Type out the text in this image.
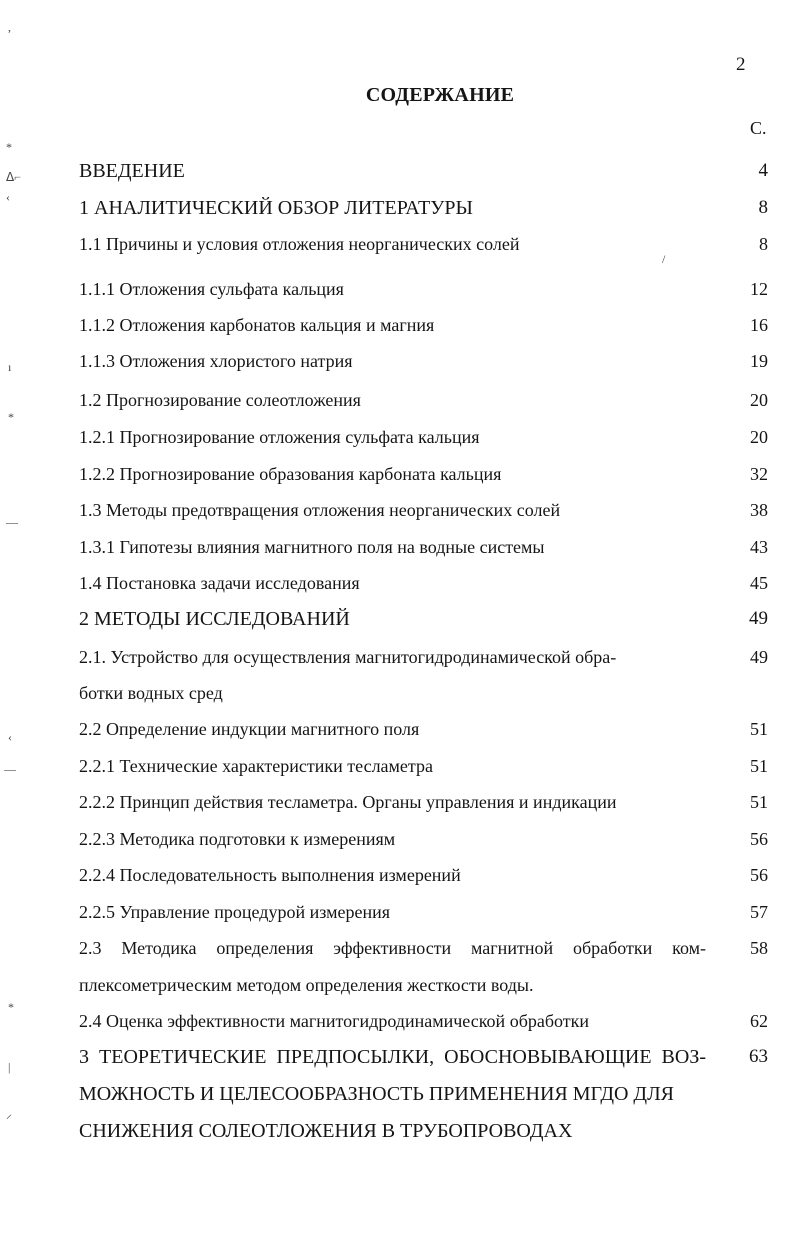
2
СОДЕРЖАНИЕ
С.
ВВЕДЕНИЕ	4
1 АНАЛИТИЧЕСКИЙ ОБЗОР ЛИТЕРАТУРЫ	8
1.1 Причины и условия отложения неорганических солей	8
1.1.1 Отложения сульфата кальция	12
1.1.2 Отложения карбонатов кальция и магния	16
1.1.3 Отложения хлористого натрия	19
1.2 Прогнозирование солеотложения	20
1.2.1 Прогнозирование отложения сульфата кальция	20
1.2.2 Прогнозирование образования карбоната кальция	32
1.3 Методы предотвращения отложения неорганических солей	38
1.3.1 Гипотезы влияния магнитного поля на водные системы	43
1.4 Постановка задачи исследования	45
2 МЕТОДЫ ИССЛЕДОВАНИЙ	49
2.1. Устройство для осуществления магнитогидродинамической обра-	49
ботки водных сред
2.2 Определение индукции магнитного поля	51
2.2.1 Технические характеристики тесламетра	51
2.2.2 Принцип действия тесламетра. Органы управления и индикации	51
2.2.3 Методика подготовки к измерениям	56
2.2.4 Последовательность выполнения измерений	56
2.2.5 Управление процедурой измерения	57
2.3 Методика определения эффективности магнитной обработки ком-	58
плексометрическим методом определения жесткости воды.
2.4 Оценка эффективности магнитогидродинамической обработки	62
3 ТЕОРЕТИЧЕСКИЕ ПРЕДПОСЫЛКИ, ОБОСНОВЫВАЮЩИЕ ВОЗ-	63
МОЖНОСТЬ И ЦЕЛЕСООБРАЗНОСТЬ ПРИМЕНЕНИЯ МГДО ДЛЯ
СНИЖЕНИЯ СОЛЕОТЛОЖЕНИЯ В ТРУБОПРОВОДАХ
,
*
ᐃ⌐
‹
ı
*
—
‹
—
*
|
⸝
/
